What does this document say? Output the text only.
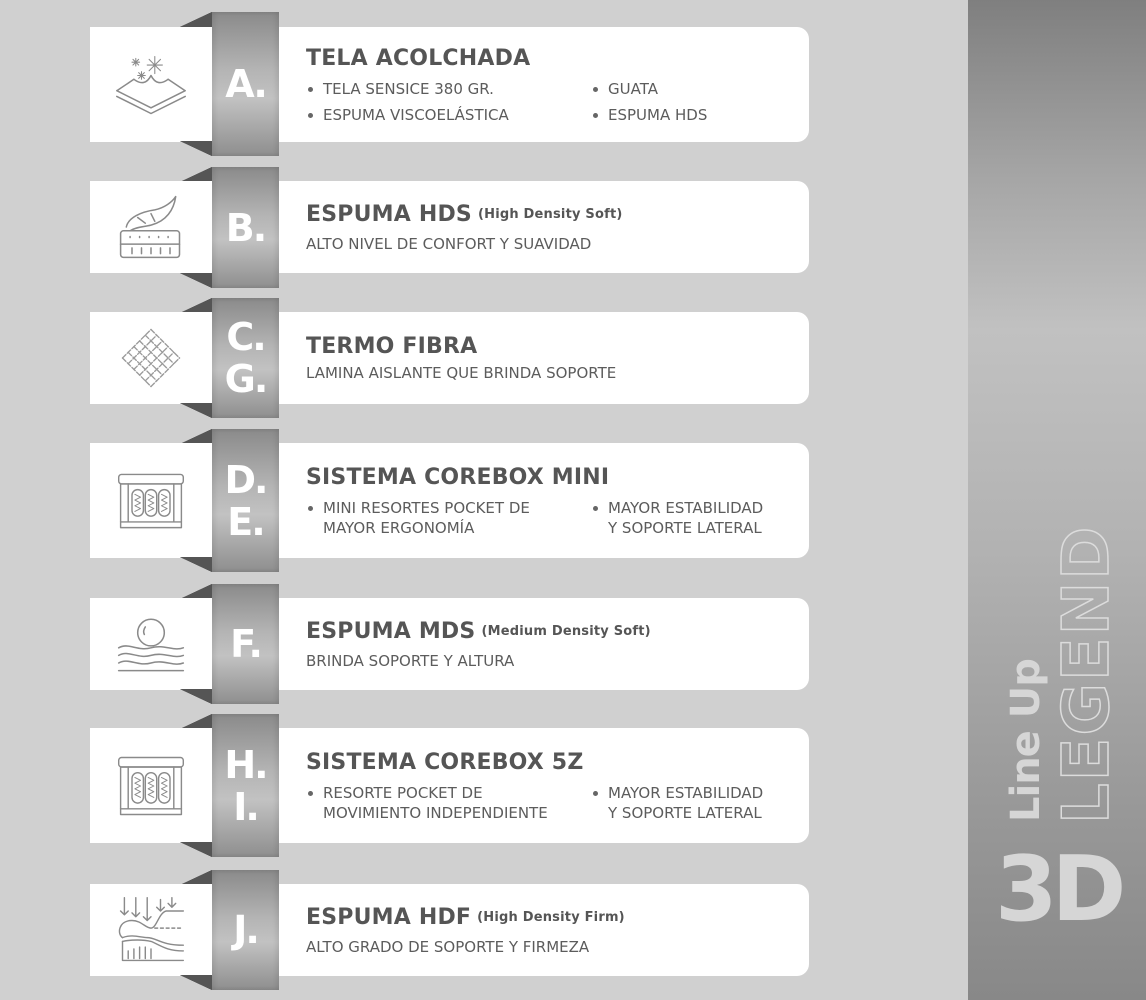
A.
TELA ACOLCHADA
TELA SENSICE 380 GR.	GUATA
ESPUMA VISCOELÁSTICA	ESPUMA HDS
B. ESPUMA HDS (High Density Soft)
ALTO NIVEL DE CONFORT Y SUAVIDAD
C.
G.
TERMO FIBRA
LAMINA AISLANTE QUE BRINDA SOPORTE
D.
E.
SISTEMA COREBOX MINI
MINI RESORTES POCKET DE
MAYOR ERGONOMÍA
MAYOR ESTABILIDAD
Y SOPORTE LATERAL
F. ESPUMA MDS (Medium Density Soft)
BRINDA SOPORTE Y ALTURA
H.
I.
SISTEMA COREBOX 5Z
RESORTE POCKET DE
MOVIMIENTO INDEPENDIENTE
MAYOR ESTABILIDAD
Y SOPORTE LATERAL
J. ESPUMA HDF (High Density Firm)
ALTO GRADO DE SOPORTE Y FIRMEZA
Line Up LEGEND
3D
